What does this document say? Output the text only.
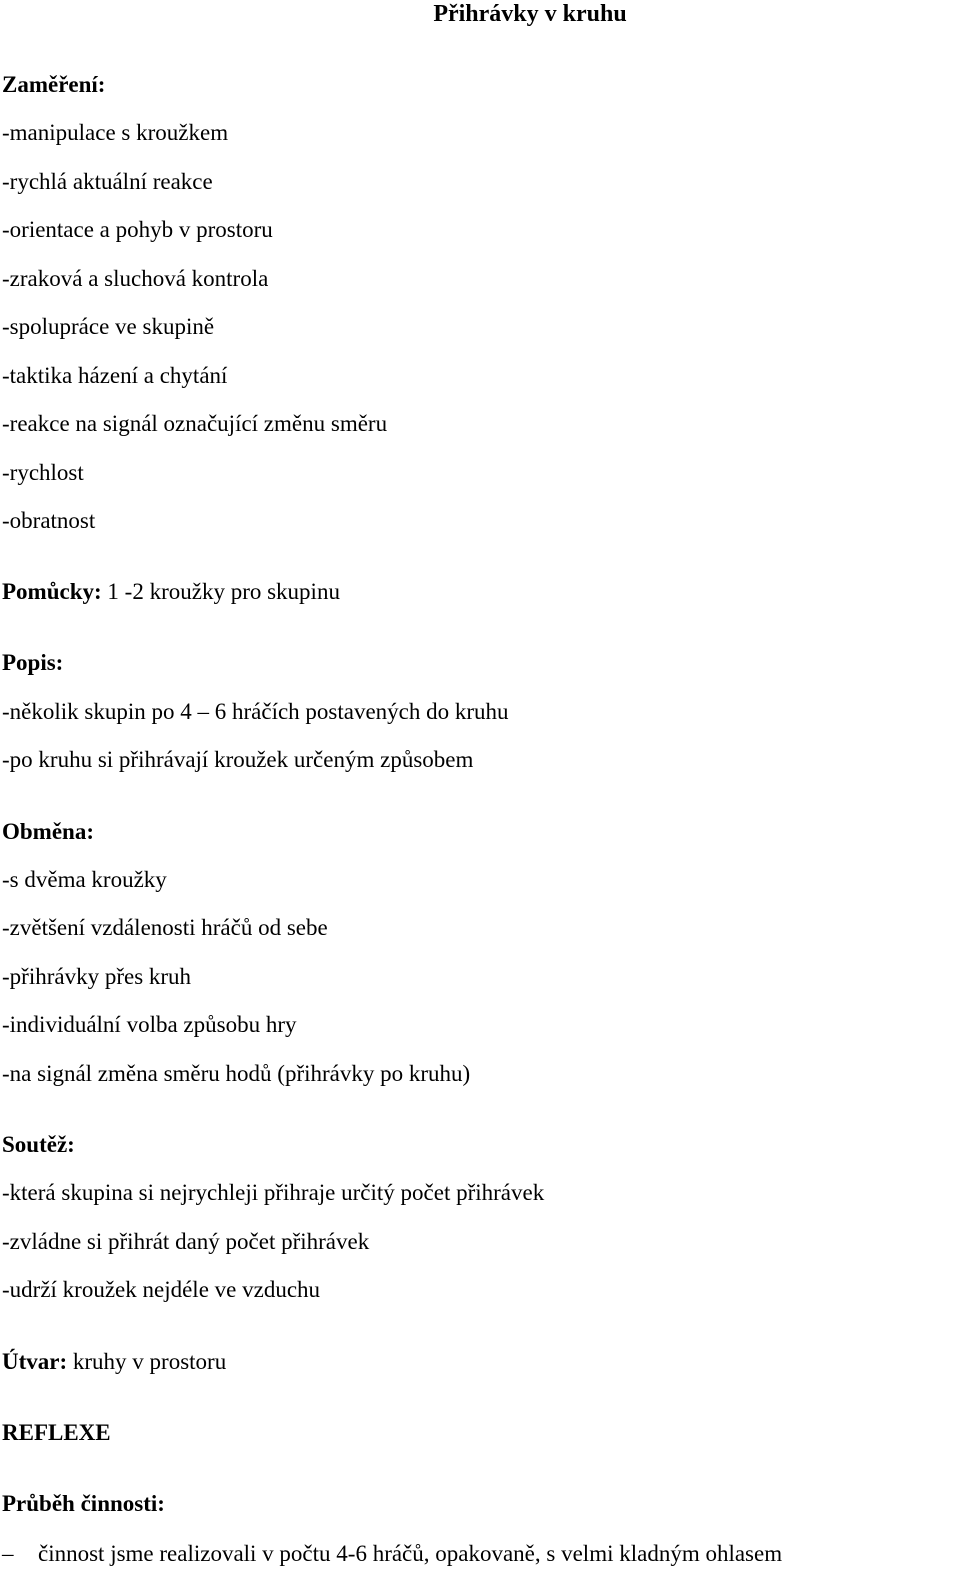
Přihrávky v kruhu
Zaměření:
-manipulace s kroužkem
-rychlá aktuální reakce
-orientace a pohyb v prostoru
-zraková a sluchová kontrola
-spolupráce ve skupině
-taktika házení a chytání
-reakce na signál označující změnu směru
-rychlost
-obratnost
Pomůcky: 1 -2 kroužky pro skupinu
Popis:
-několik skupin po 4 – 6 hráčích postavených do kruhu
-po kruhu si přihrávají kroužek určeným způsobem
Obměna:
-s dvěma kroužky
-zvětšení vzdálenosti hráčů od sebe
-přihrávky přes kruh
-individuální volba způsobu hry
-na signál změna směru hodů (přihrávky po kruhu)
Soutěž:
-která skupina si nejrychleji přihraje určitý počet přihrávek
-zvládne si přihrát daný počet přihrávek
-udrží kroužek nejdéle ve vzduchu
Útvar: kruhy v prostoru
REFLEXE
Průběh činnosti:
– činnost jsme realizovali v počtu 4-6 hráčů, opakovaně, s velmi kladným ohlasem
